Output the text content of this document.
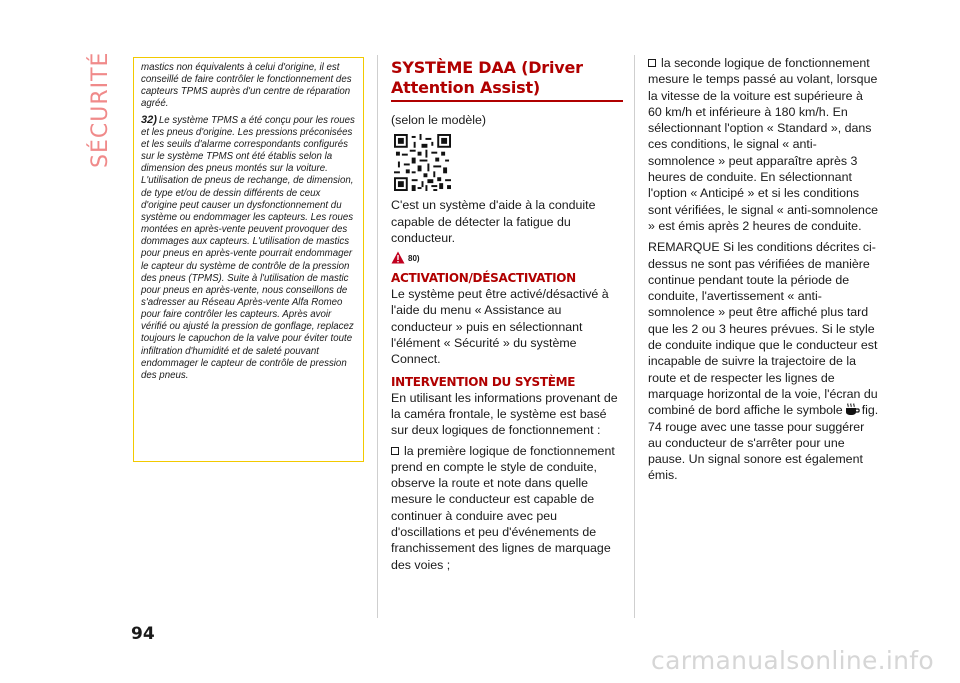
SÉCURITÉ	mastics non équivalents à celui d'origine, il est conseillé de faire contrôler le fonctionnement des capteurs TPMS auprès d'un centre de réparation agréé.

32) Le système TPMS a été conçu pour les roues et les pneus d'origine. Les pressions préconisées et les seuils d'alarme correspondants configurés sur le système TPMS ont été établis selon la dimension des pneus montés sur la voiture. L'utilisation de pneus de rechange, de dimension, de type et/ou de dessin différents de ceux d'origine peut causer un dysfonctionnement du système ou endommager les capteurs. Les roues montées en après-vente peuvent provoquer des dommages aux capteurs. L'utilisation de mastics pour pneus en après-vente pourrait endommager le capteur du système de contrôle de la pression des pneus (TPMS). Suite à l'utilisation de mastic pour pneus en après-vente, nous conseillons de s'adresser au Réseau Après-vente Alfa Romeo pour faire contrôler les capteurs. Après avoir vérifié ou ajusté la pression de gonflage, replacez toujours le capuchon de la valve pour éviter toute infiltration d'humidité et de saleté pouvant endommager le capteur de contrôle de pression des pneus.

SYSTÈME DAA (Driver Attention Assist)

(selon le modèle)

C'est un système d'aide à la conduite capable de détecter la fatigue du conducteur.

80)
ACTIVATION/DÉSACTIVATION

Le système peut être activé/désactivé à l'aide du menu « Assistance au conducteur » puis en sélectionnant l'élément « Sécurité » du système Connect.

INTERVENTION DU SYSTÈME

En utilisant les informations provenant de la caméra frontale, le système est basé sur deux logiques de fonctionnement :

la première logique de fonctionnement prend en compte le style de conduite, observe la route et note dans quelle mesure le conducteur est capable de continuer à conduire avec peu d'oscillations et peu d'événements de franchissement des lignes de marquage des voies ;

la seconde logique de fonctionnement mesure le temps passé au volant, lorsque la vitesse de la voiture est supérieure à 60 km/h et inférieure à 180 km/h. En sélectionnant l'option « Standard », dans ces conditions, le signal « anti-somnolence » peut apparaître après 3 heures de conduite. En sélectionnant l'option « Anticipé » et si les conditions sont vérifiées, le signal « anti-somnolence » est émis après 2 heures de conduite.

REMARQUE Si les conditions décrites ci-dessus ne sont pas vérifiées de manière continue pendant toute la période de conduite, l'avertissement « anti-somnolence » peut être affiché plus tard que les 2 ou 3 heures prévues. Si le style de conduite indique que le conducteur est incapable de suivre la trajectoire de la route et de respecter les lignes de marquage horizontal de la voie, l'écran du combiné de bord affiche le symbole fig. 74 rouge avec une tasse pour suggérer au conducteur de s'arrêter pour une pause. Un signal sonore est également émis.

94
carmanualsonline.info
